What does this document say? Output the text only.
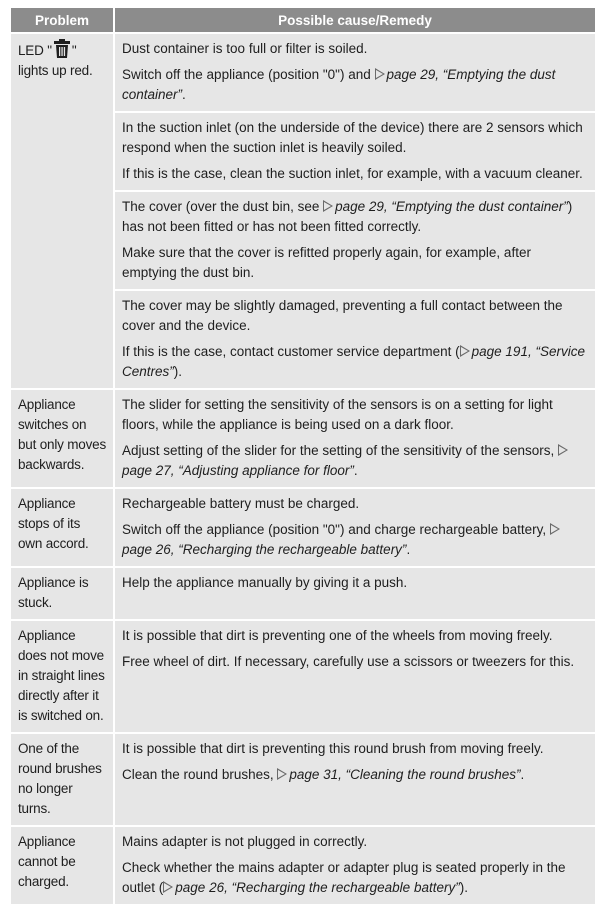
Problem	Possible cause/Remedy
LED " " lights up red.	Dust container is too full or filter is soiled.

Switch off the appliance (position "0") and page 29, “Emptying the dust container”.

	In the suction inlet (on the underside of the device) there are 2 sensors which respond when the suction inlet is heavily soiled.

If this is the case, clean the suction inlet, for example, with a vacuum cleaner.

	The cover (over the dust bin, see page 29, “Emptying the dust container”) has not been fitted or has not been fitted correctly.

Make sure that the cover is refitted properly again, for example, after emptying the dust bin.

	The cover may be slightly damaged, preventing a full contact between the cover and the device.

If this is the case, contact customer service department ( page 191, “Service Centres”).

Appliance switches on but only moves backwards.	The slider for setting the sensitivity of the sensors is on a setting for light floors, while the appliance is being used on a dark floor.

Adjust setting of the slider for the setting of the sensitivity of the sensors, page 27, “Adjusting appliance for floor”.

Appliance stops of its own accord.	Rechargeable battery must be charged.

Switch off the appliance (position "0") and charge rechargeable battery, page 26, “Recharging the rechargeable battery”.

Appliance is stuck.	Help the appliance manually by giving it a push.

Appliance does not move in straight lines directly after it is switched on.	It is possible that dirt is preventing one of the wheels from moving freely.

Free wheel of dirt. If necessary, carefully use a scissors or tweezers for this.

One of the round brushes no longer turns.	It is possible that dirt is preventing this round brush from moving freely.

Clean the round brushes, page 31, “Cleaning the round brushes”.

Appliance cannot be charged.	Mains adapter is not plugged in correctly.

Check whether the mains adapter or adapter plug is seated properly in the outlet ( page 26, “Recharging the rechargeable battery”).
